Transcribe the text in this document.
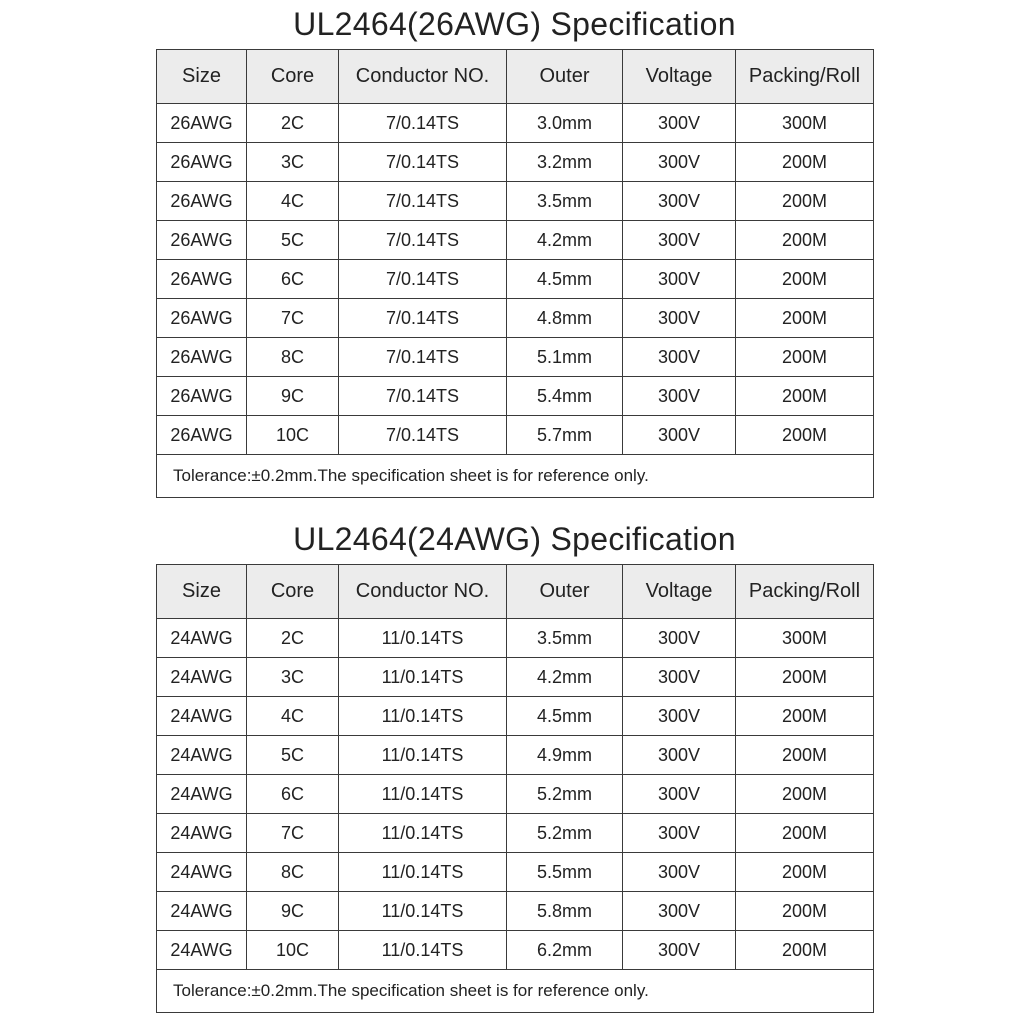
UL2464(26AWG) Specification
Size	Core	Conductor NO.	Outer	Voltage	Packing/Roll
26AWG	2C	7/0.14TS	3.0mm	300V	300M
26AWG	3C	7/0.14TS	3.2mm	300V	200M
26AWG	4C	7/0.14TS	3.5mm	300V	200M
26AWG	5C	7/0.14TS	4.2mm	300V	200M
26AWG	6C	7/0.14TS	4.5mm	300V	200M
26AWG	7C	7/0.14TS	4.8mm	300V	200M
26AWG	8C	7/0.14TS	5.1mm	300V	200M
26AWG	9C	7/0.14TS	5.4mm	300V	200M
26AWG	10C	7/0.14TS	5.7mm	300V	200M
Tolerance:±0.2mm.The specification sheet is for reference only.					
UL2464(24AWG) Specification
Size	Core	Conductor NO.	Outer	Voltage	Packing/Roll
24AWG	2C	11/0.14TS	3.5mm	300V	300M
24AWG	3C	11/0.14TS	4.2mm	300V	200M
24AWG	4C	11/0.14TS	4.5mm	300V	200M
24AWG	5C	11/0.14TS	4.9mm	300V	200M
24AWG	6C	11/0.14TS	5.2mm	300V	200M
24AWG	7C	11/0.14TS	5.2mm	300V	200M
24AWG	8C	11/0.14TS	5.5mm	300V	200M
24AWG	9C	11/0.14TS	5.8mm	300V	200M
24AWG	10C	11/0.14TS	6.2mm	300V	200M
Tolerance:±0.2mm.The specification sheet is for reference only.					
